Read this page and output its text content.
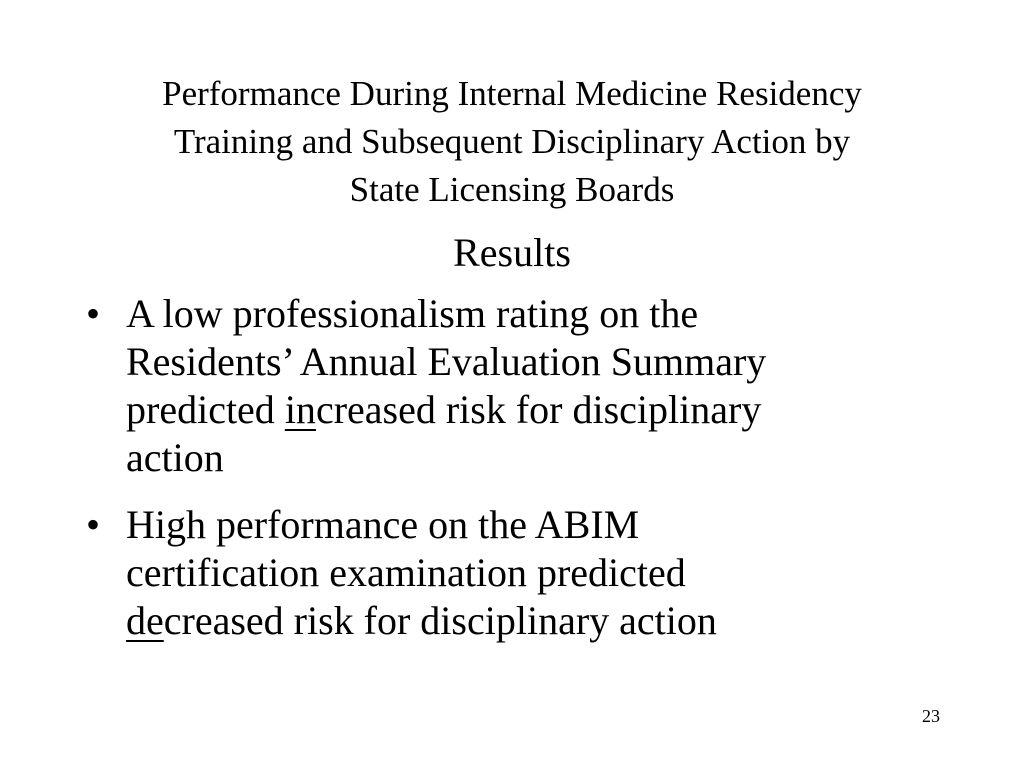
Performance During Internal Medicine Residency
Training and Subsequent Disciplinary Action by
State Licensing Boards
Results
• A low professionalism rating on the
Residents’ Annual Evaluation Summary
predicted increased risk for disciplinary
action
• High performance on the ABIM
certification examination predicted
decreased risk for disciplinary action
23
